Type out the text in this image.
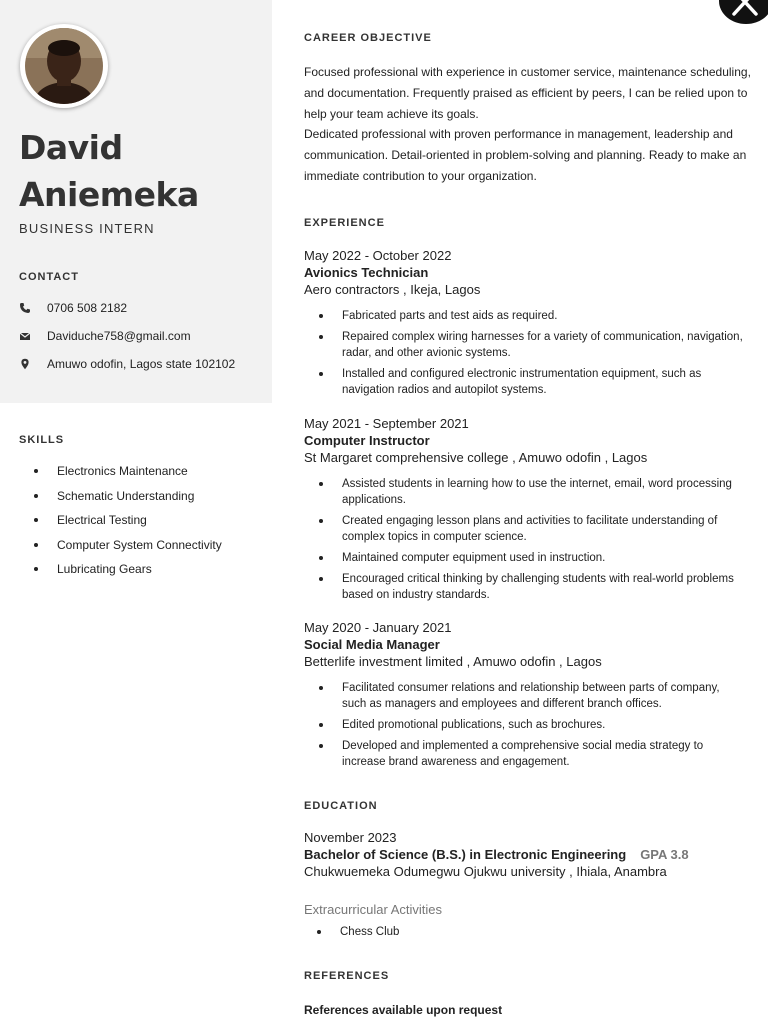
David
Aniemeka
BUSINESS INTERN
CONTACT
0706 508 2182
Daviduche758@gmail.com
Amuwo odofin, Lagos state 102102
SKILLS
Electronics Maintenance
Schematic Understanding
Electrical Testing
Computer System Connectivity
Lubricating Gears
CAREER OBJECTIVE
Focused professional with experience in customer service, maintenance scheduling, and documentation. Frequently praised as efficient by peers, I can be relied upon to help your team achieve its goals.
Dedicated professional with proven performance in management, leadership and communication. Detail-oriented in problem-solving and planning. Ready to make an immediate contribution to your organization.
EXPERIENCE
May 2022 - October 2022
Avionics Technician
Aero contractors , Ikeja, Lagos
Fabricated parts and test aids as required.
Repaired complex wiring harnesses for a variety of communication, navigation, radar, and other avionic systems.
Installed and configured electronic instrumentation equipment, such as navigation radios and autopilot systems.
May 2021 - September 2021
Computer Instructor
St Margaret comprehensive college , Amuwo odofin , Lagos
Assisted students in learning how to use the internet, email, word processing applications.
Created engaging lesson plans and activities to facilitate understanding of complex topics in computer science.
Maintained computer equipment used in instruction.
Encouraged critical thinking by challenging students with real-world problems based on industry standards.
May 2020 - January 2021
Social Media Manager
Betterlife investment limited , Amuwo odofin , Lagos
Facilitated consumer relations and relationship between parts of company, such as managers and employees and different branch offices.
Edited promotional publications, such as brochures.
Developed and implemented a comprehensive social media strategy to increase brand awareness and engagement.
EDUCATION
November 2023
Bachelor of Science (B.S.) in Electronic Engineering GPA 3.8
Chukwuemeka Odumegwu Ojukwu university , Ihiala, Anambra
Extracurricular Activities
Chess Club
REFERENCES
References available upon request
